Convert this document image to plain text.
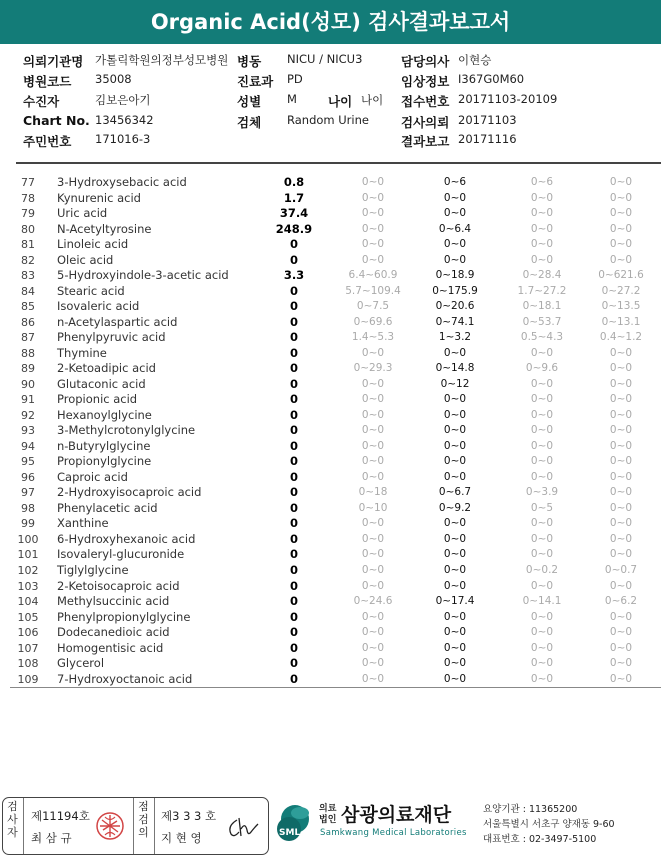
Organic Acid(성모) 검사결과보고서
의뢰기관명 가톨릭학원의정부성모병원 병동 NICU / NICU3	담당의사 이현승
병원코드 35008	진료과 PD	임상정보 I367G0M60
수진자	김보은아기	성별 M 나이 나이 접수번호 20171103-20109
Chart No. 13456342	검체 Random Urine	검사의뢰 20171103
주민번호 171016-3	결과보고 20171116
77	3-Hydroxysebacic acid	0.8	0~0	0~6	0~6	0~0
78	Kynurenic acid	1.7	0~0	0~0	0~0	0~0
79	Uric acid	37.4	0~0	0~0	0~0	0~0
80	N-Acetyltyrosine	248.9	0~0	0~6.4	0~0	0~0
81	Linoleic acid	0	0~0	0~0	0~0	0~0
82	Oleic acid	0	0~0	0~0	0~0	0~0
83	5-Hydroxyindole-3-acetic acid	3.3	6.4~60.9	0~18.9	0~28.4	0~621.6
84	Stearic acid	0	5.7~109.4	0~175.9	1.7~27.2	0~27.2
85	Isovaleric acid	0	0~7.5	0~20.6	0~18.1	0~13.5
86	n-Acetylaspartic acid	0	0~69.6	0~74.1	0~53.7	0~13.1
87	Phenylpyruvic acid	0	1.4~5.3	1~3.2	0.5~4.3	0.4~1.2
88	Thymine	0	0~0	0~0	0~0	0~0
89	2-Ketoadipic acid	0	0~29.3	0~14.8	0~9.6	0~0
90	Glutaconic acid	0	0~0	0~12	0~0	0~0
91	Propionic acid	0	0~0	0~0	0~0	0~0
92	Hexanoylglycine	0	0~0	0~0	0~0	0~0
93	3-Methylcrotonylglycine	0	0~0	0~0	0~0	0~0
94	n-Butyrylglycine	0	0~0	0~0	0~0	0~0
95	Propionylglycine	0	0~0	0~0	0~0	0~0
96	Caproic acid	0	0~0	0~0	0~0	0~0
97	2-Hydroxyisocaproic acid	0	0~18	0~6.7	0~3.9	0~0
98	Phenylacetic acid	0	0~10	0~9.2	0~5	0~0
99	Xanthine	0	0~0	0~0	0~0	0~0
100	6-Hydroxyhexanoic acid	0	0~0	0~0	0~0	0~0
101	Isovaleryl-glucuronide	0	0~0	0~0	0~0	0~0
102	Tiglylglycine	0	0~0	0~0	0~0.2	0~0.7
103	2-Ketoisocaproic acid	0	0~0	0~0	0~0	0~0
104	Methylsuccinic acid	0	0~24.6	0~17.4	0~14.1	0~6.2
105	Phenylpropionylglycine	0	0~0	0~0	0~0	0~0
106	Dodecanedioic acid	0	0~0	0~0	0~0	0~0
107	Homogentisic acid	0	0~0	0~0	0~0	0~0
108	Glycerol	0	0~0	0~0	0~0	0~0
109	7-Hydroxyoctanoic acid	0	0~0	0~0	0~0	0~0
검사자
제11194호
최 삼 규
점검의
제3 3 3 호
지 현 영	SML
의료
법인 삼광의료재단
Samkwang Medical Laboratories
요양기관 : 11365200
서울특별시 서초구 양재동 9-60
대표번호 : 02-3497-5100
